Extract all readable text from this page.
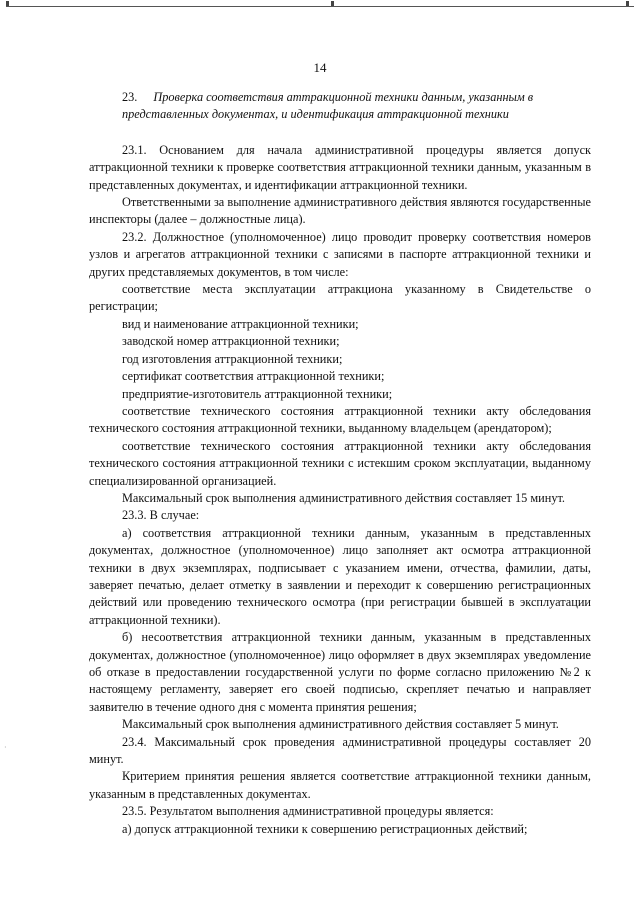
14
23. Проверка соответствия аттракционной техники данным, указанным в
представленных документах, и идентификация аттракционной техники

23.1. Основанием для начала административной процедуры является допуск аттракционной техники к проверке соответствия аттракционной техники данным, указанным в представленных документах, и идентификации аттракционной техники.

Ответственными за выполнение административного действия являются государственные инспекторы (далее – должностные лица).

23.2. Должностное (уполномоченное) лицо проводит проверку соответствия номеров узлов и агрегатов аттракционной техники с записями в паспорте аттракционной техники и других представляемых документов, в том числе:

соответствие места эксплуатации аттракциона указанному в Свидетельстве о регистрации;

вид и наименование аттракционной техники;

заводской номер аттракционной техники;

год изготовления аттракционной техники;

сертификат соответствия аттракционной техники;

предприятие-изготовитель аттракционной техники;

соответствие технического состояния аттракционной техники акту обследования технического состояния аттракционной техники, выданному владельцем (арендатором);

соответствие технического состояния аттракционной техники акту обследования технического состояния аттракционной техники с истекшим сроком эксплуатации, выданному специализированной организацией.

Максимальный срок выполнения административного действия составляет 15 минут.

23.3. В случае:

а) соответствия аттракционной техники данным, указанным в представленных документах, должностное (уполномоченное) лицо заполняет акт осмотра аттракционной техники в двух экземплярах, подписывает с указанием имени, отчества, фамилии, даты, заверяет печатью, делает отметку в заявлении и переходит к совершению регистрационных действий или проведению технического осмотра (при регистрации бывшей в эксплуатации аттракционной техники).

б) несоответствия аттракционной техники данным, указанным в представленных документах, должностное (уполномоченное) лицо оформляет в двух экземплярах уведомление об отказе в предоставлении государственной услуги по форме согласно приложению №2 к настоящему регламенту, заверяет его своей подписью, скрепляет печатью и направляет заявителю в течение одного дня с момента принятия решения;

Максимальный срок выполнения административного действия составляет 5 минут.

23.4. Максимальный срок проведения административной процедуры составляет 20 минут.

Критерием принятия решения является соответствие аттракционной техники данным, указанным в представленных документах.

23.5. Результатом выполнения административной процедуры является:

а) допуск аттракционной техники к совершению регистрационных действий;

·
